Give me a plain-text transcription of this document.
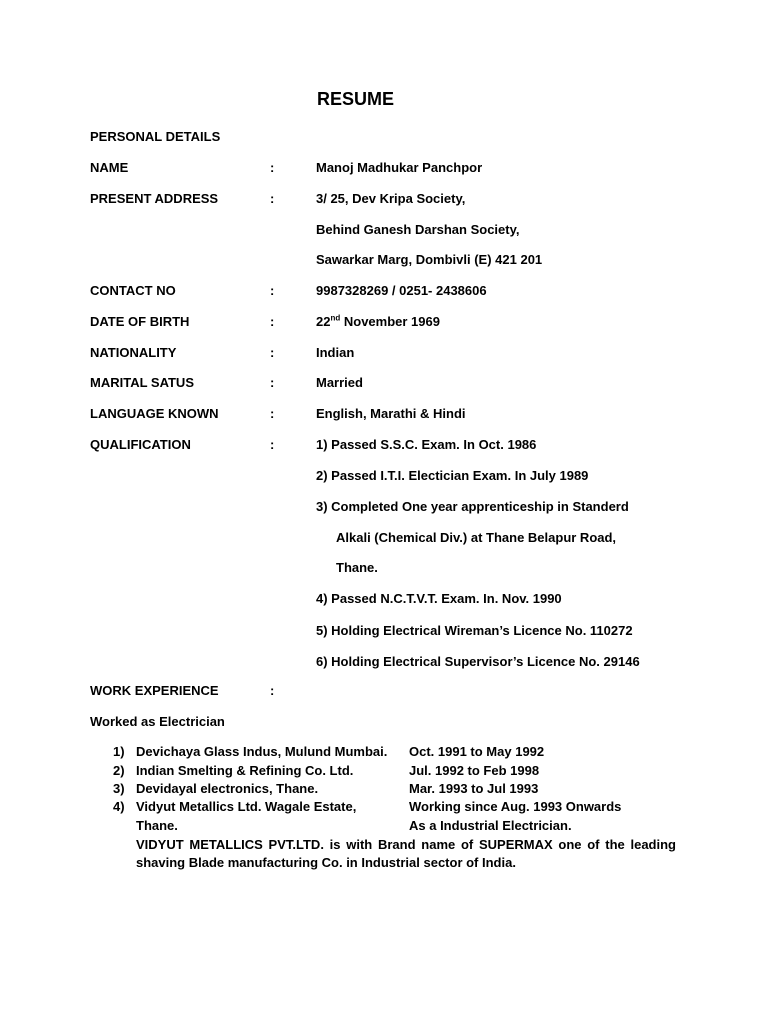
RESUME
PERSONAL DETAILS
NAME	:	Manoj Madhukar Panchpor
PRESENT ADDRESS	:	3/ 25, Dev Kripa Society,
Behind Ganesh Darshan Society,
Sawarkar Marg, Dombivli (E) 421 201
CONTACT NO	:	9987328269 / 0251- 2438606
DATE OF BIRTH	:	22nd November 1969
NATIONALITY	:	Indian
MARITAL SATUS	:	Married
LANGUAGE KNOWN	:	English, Marathi & Hindi
QUALIFICATION	:	1) Passed S.S.C. Exam. In Oct. 1986
2) Passed I.T.I. Electician Exam. In July 1989
3) Completed One year apprenticeship in Standerd
Alkali (Chemical Div.) at Thane Belapur Road,
Thane.
4) Passed N.C.T.V.T. Exam. In. Nov. 1990
5) Holding Electrical Wireman’s Licence No. 110272
6) Holding Electrical Supervisor’s Licence No. 29146
WORK EXPERIENCE	:
Worked as Electrician
1) Devichaya Glass Indus, Mulund Mumbai. Oct. 1991 to May 1992
2) Indian Smelting & Refining Co. Ltd.	Jul. 1992 to Feb 1998
3) Devidayal electronics, Thane.	Mar. 1993 to Jul 1993
4) Vidyut Metallics Ltd. Wagale Estate,	Working since Aug. 1993 Onwards
Thane.	As a Industrial Electrician.

VIDYUT METALLICS PVT.LTD. is with Brand name of SUPERMAX one of the leading shaving Blade manufacturing Co. in Industrial sector of India.
